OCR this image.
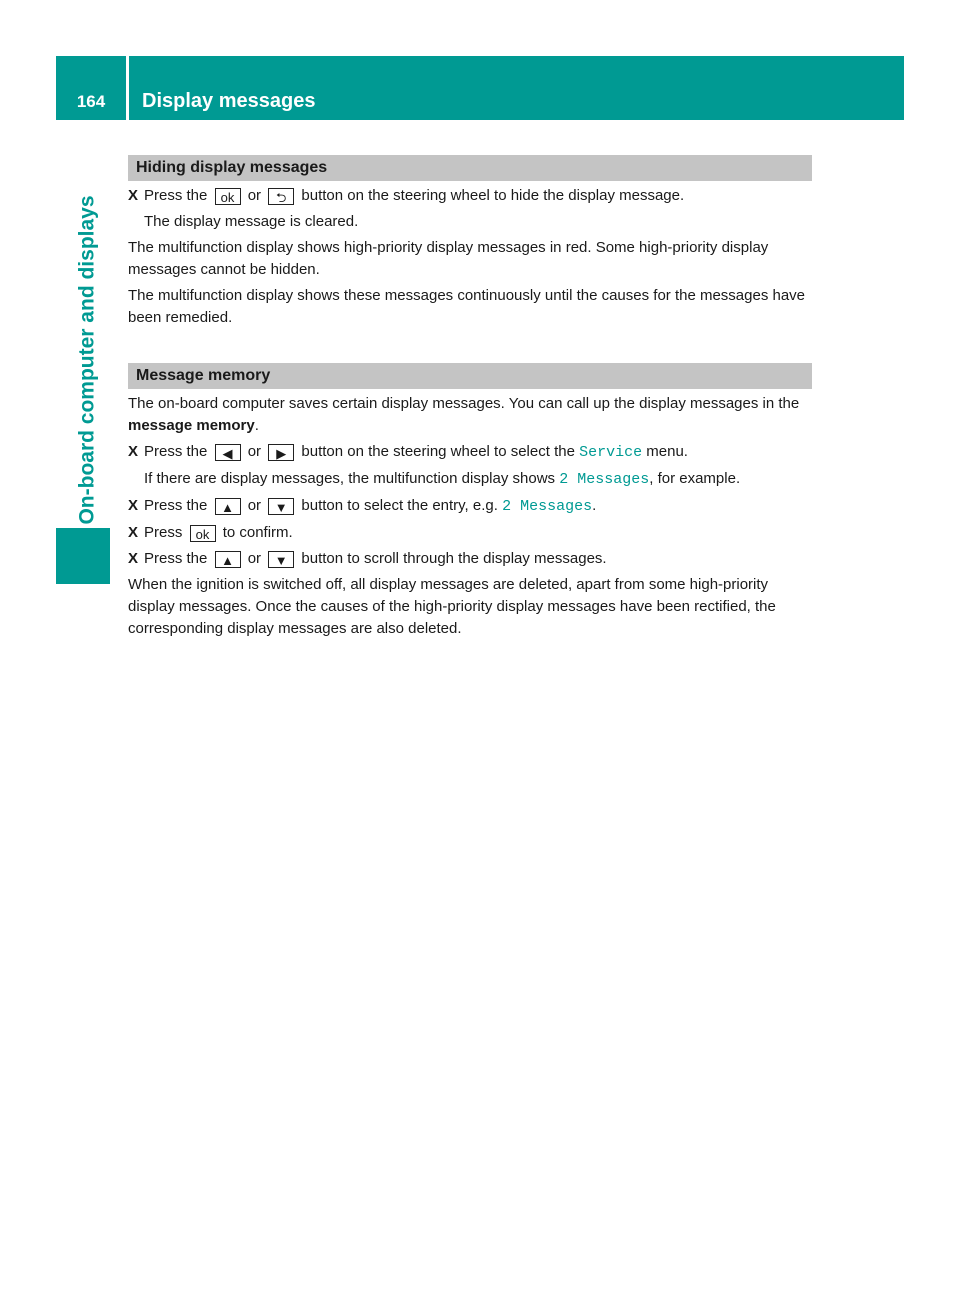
164	Display messages
On-board computer and displays
Hiding display messages
X Press the ok or ⮌ button on the steering wheel to hide the display message.
The display message is cleared.
The multifunction display shows high-priority display messages in red. Some high-priority display messages cannot be hidden.
The multifunction display shows these messages continuously until the causes for the messages have been remedied.
Message memory
The on-board computer saves certain display messages. You can call up the display messages in the message memory.
X Press the ◀ or ▶ button on the steering wheel to select the Service menu.
If there are display messages, the multifunction display shows 2 Messages, for example.
X Press the ▲ or ▼ button to select the entry, e.g. 2 Messages.
X Press ok to confirm.
X Press the ▲ or ▼ button to scroll through the display messages.
When the ignition is switched off, all display messages are deleted, apart from some high-priority display messages. Once the causes of the high-priority display messages have been rectified, the corresponding display messages are also deleted.
